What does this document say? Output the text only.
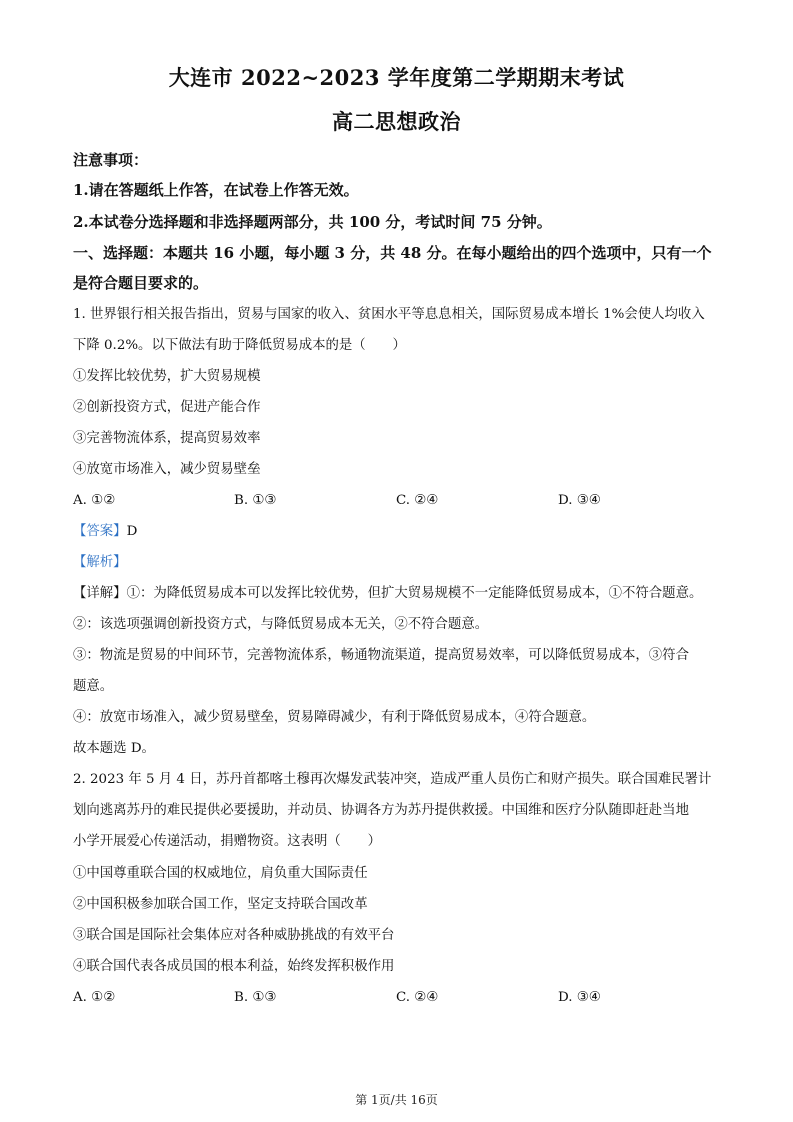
大连市 2022~2023 学年度第二学期期末考试
高二思想政治
注意事项：
1.请在答题纸上作答，在试卷上作答无效。
2.本试卷分选择题和非选择题两部分，共 100 分，考试时间 75 分钟。
一、选择题：本题共 16 小题，每小题 3 分，共 48 分。在每小题给出的四个选项中，只有一个
是符合题目要求的。
1. 世界银行相关报告指出，贸易与国家的收入、贫困水平等息息相关，国际贸易成本增长 1%会使人均收入
下降 0.2%。以下做法有助于降低贸易成本的是（　　）
①发挥比较优势，扩大贸易规模
②创新投资方式，促进产能合作
③完善物流体系，提高贸易效率
④放宽市场准入，减少贸易壁垒
A. ①②	B. ①③	C. ②④	D. ③④
【答案】D
【解析】
【详解】①：为降低贸易成本可以发挥比较优势，但扩大贸易规模不一定能降低贸易成本，①不符合题意。
②：该选项强调创新投资方式，与降低贸易成本无关，②不符合题意。
③：物流是贸易的中间环节，完善物流体系，畅通物流渠道，提高贸易效率，可以降低贸易成本，③符合
题意。
④：放宽市场准入，减少贸易壁垒，贸易障碍减少，有利于降低贸易成本，④符合题意。
故本题选 D。
2. 2023 年 5 月 4 日，苏丹首都喀土穆再次爆发武装冲突，造成严重人员伤亡和财产损失。联合国难民署计
划向逃离苏丹的难民提供必要援助，并动员、协调各方为苏丹提供救援。中国维和医疗分队随即赶赴当地
小学开展爱心传递活动，捐赠物资。这表明（　　）
①中国尊重联合国的权威地位，肩负重大国际责任
②中国积极参加联合国工作，坚定支持联合国改革
③联合国是国际社会集体应对各种威胁挑战的有效平台
④联合国代表各成员国的根本利益，始终发挥积极作用
A. ①②	B. ①③	C. ②④	D. ③④
第 1页/共 16页
